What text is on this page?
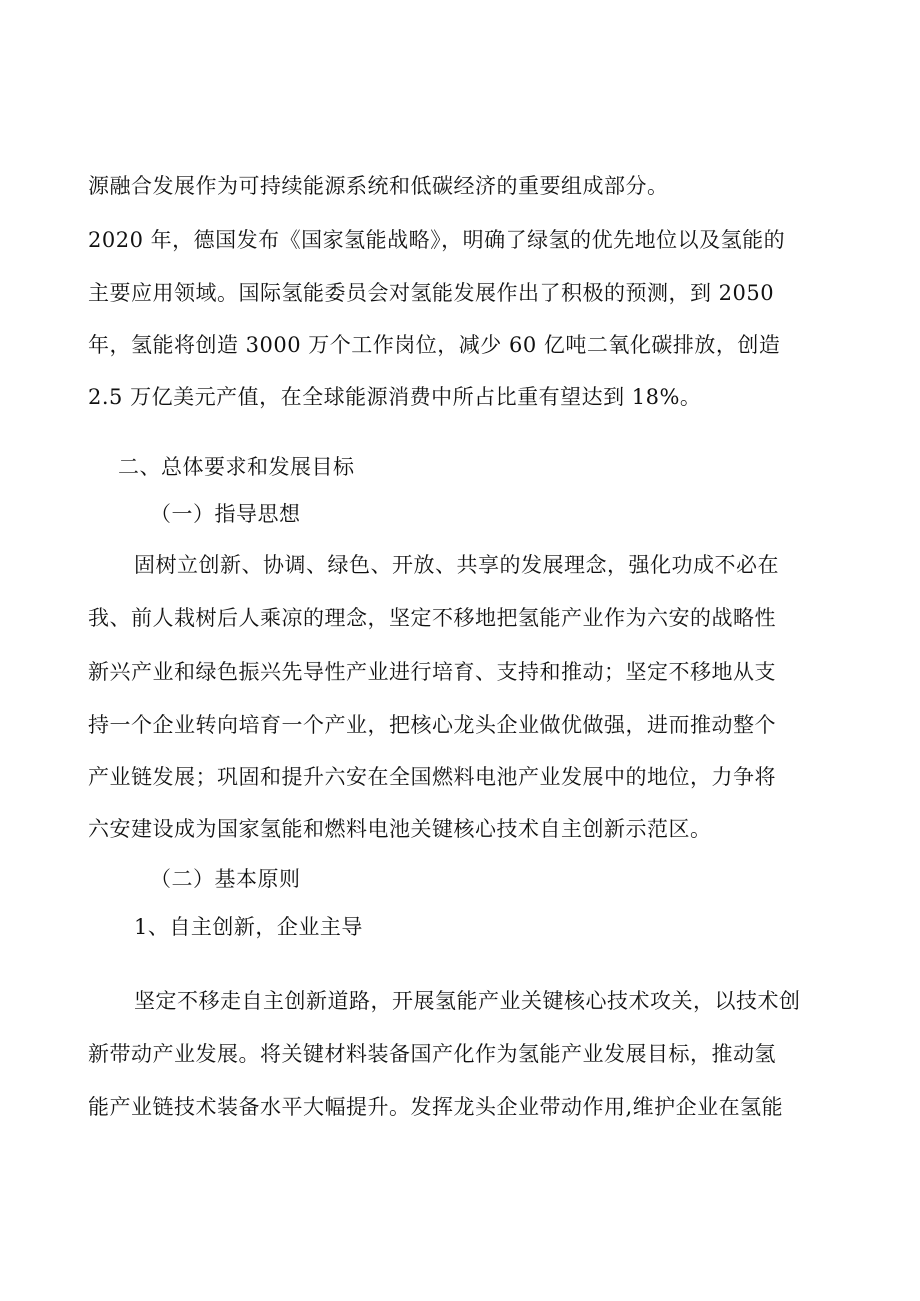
源融合发展作为可持续能源系统和低碳经济的重要组成部分。

2020 年，德国发布《国家氢能战略》，明确了绿氢的优先地位以及氢能的

主要应用领域。国际氢能委员会对氢能发展作出了积极的预测，到 2050

年，氢能将创造 3000 万个工作岗位，减少 60 亿吨二氧化碳排放，创造

2.5 万亿美元产值，在全球能源消费中所占比重有望达到 18%。

二、总体要求和发展目标
（一）指导思想

固树立创新、协调、绿色、开放、共享的发展理念，强化功成不必在

我、前人栽树后人乘凉的理念，坚定不移地把氢能产业作为六安的战略性

新兴产业和绿色振兴先导性产业进行培育、支持和推动；坚定不移地从支

持一个企业转向培育一个产业，把核心龙头企业做优做强，进而推动整个

产业链发展；巩固和提升六安在全国燃料电池产业发展中的地位，力争将

六安建设成为国家氢能和燃料电池关键核心技术自主创新示范区。

（二）基本原则
1、自主创新，企业主导

坚定不移走自主创新道路，开展氢能产业关键核心技术攻关，以技术创

新带动产业发展。将关键材料装备国产化作为氢能产业发展目标，推动氢

能产业链技术装备水平大幅提升。发挥龙头企业带动作用,维护企业在氢能
